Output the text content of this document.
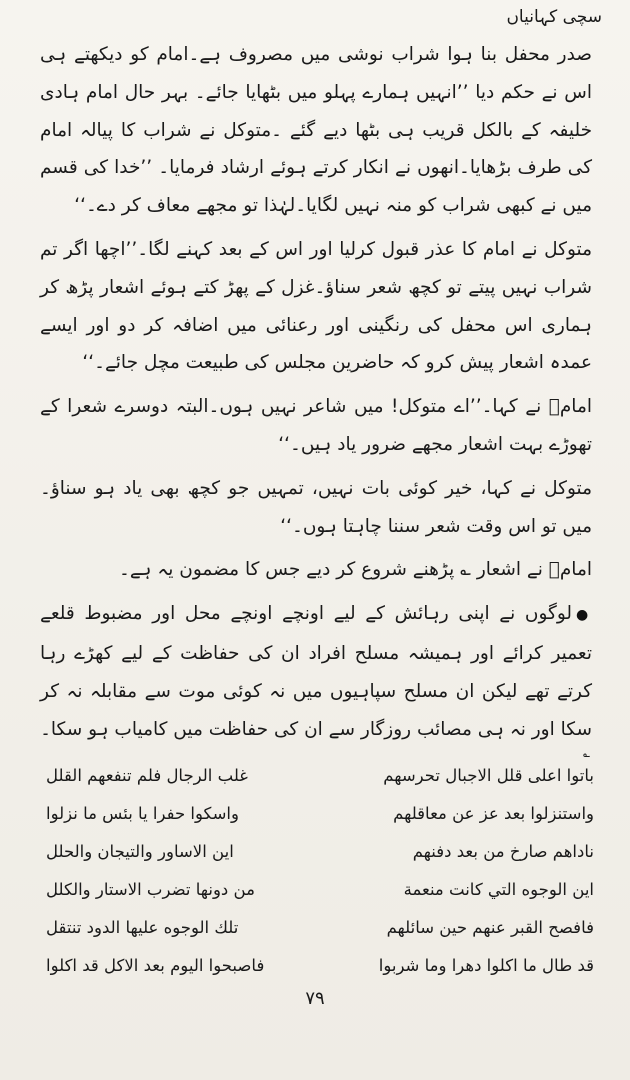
سچی کہانیاں

صدر محفل بنا ہوا شراب نوشی میں مصروف ہے۔امام کو دیکھتے ہی اس نے حکم دیا ’’انہیں ہمارے پہلو میں بٹھایا جائے۔ بہر حال امام ہادی خلیفہ کے بالکل قریب ہی بٹھا دیے گئے ۔متوکل نے شراب کا پیالہ امام کی طرف بڑھایا۔انھوں نے انکار کرتے ہوئے ارشاد فرمایا۔ ’’خدا کی قسم میں نے کبھی شراب کو منہ نہیں لگایا۔لہٰذا تو مجھے معاف کر دے۔‘‘

متوکل نے امام کا عذر قبول کرلیا اور اس کے بعد کہنے لگا۔’’اچھا اگر تم شراب نہیں پیتے تو کچھ شعر سناؤ۔غزل کے پھڑ کتے ہوئے اشعار پڑھ کر ہماری اس محفل کی رنگینی اور رعنائی میں اضافہ کر دو اور ایسے عمدہ اشعار پیش کرو کہ حاضرین مجلس کی طبیعت مچل جائے۔‘‘

امامؑ نے کہا۔’’اے متوکل! میں شاعر نہیں ہوں۔البتہ دوسرے شعرا کے تھوڑے بہت اشعار مجھے ضرور یاد ہیں۔‘‘

متوکل نے کہا، خیر کوئی بات نہیں، تمہیں جو کچھ بھی یاد ہو سناؤ۔ میں تو اس وقت شعر سننا چاہتا ہوں۔‘‘

امامؑ نے اشعار ؎ پڑھنے شروع کر دیے جس کا مضمون یہ ہے۔

●لوگوں نے اپنی رہائش کے لیے اونچے اونچے محل اور مضبوط قلعے تعمیر کرائے اور ہمیشہ مسلح افراد ان کی حفاظت کے لیے کھڑے رہا کرتے تھے لیکن ان مسلح سپاہیوں میں نہ کوئی موت سے مقابلہ نہ کر سکا اور نہ ہی مصائب روزگار سے ان کی حفاظت میں کامیاب ہو سکا۔

؎
باتوا اعلی قلل الاجبال تحرسهم
غلب الرجال فلم تنفعهم القلل
واستنزلوا بعد عز عن معاقلهم
واسكوا حفرا يا بئس ما نزلوا
ناداهم صارخ من بعد دفنهم
اين الاساور والتيجان والحلل
اين الوجوه التي كانت منعمة
من دونها تضرب الاستار والكلل
فافصح القبر عنهم حين سائلهم
تلك الوجوه عليها الدود تنتقل
قد طال ما اكلوا دهرا وما شربوا
فاصبحوا اليوم بعد الاكل قد اكلوا
۷۹
